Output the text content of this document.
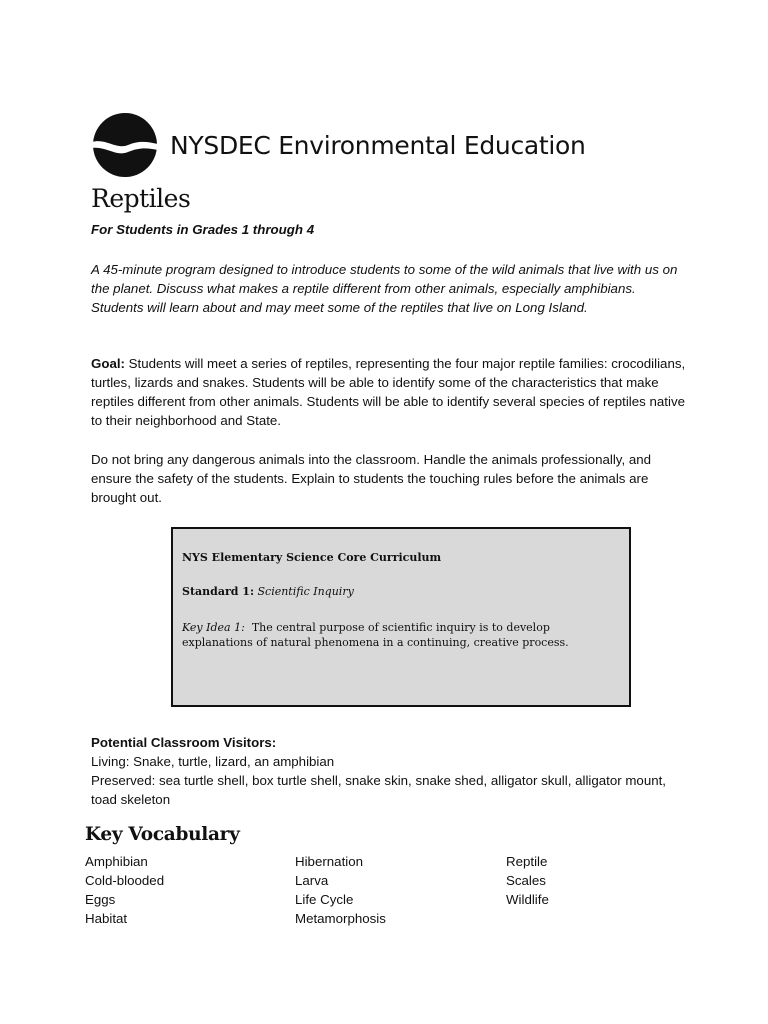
NYSDEC Environmental Education
Reptiles

For Students in Grades 1 through 4

A 45-minute program designed to introduce students to some of the wild animals that live with us on the planet. Discuss what makes a reptile different from other animals, especially amphibians. Students will learn about and may meet some of the reptiles that live on Long Island.

Goal: Students will meet a series of reptiles, representing the four major reptile families: crocodilians, turtles, lizards and snakes. Students will be able to identify some of the characteristics that make reptiles different from other animals. Students will be able to identify several species of reptiles native to their neighborhood and State.

Do not bring any dangerous animals into the classroom. Handle the animals professionally, and ensure the safety of the students. Explain to students the touching rules before the animals are brought out.

NYS Elementary Science Core Curriculum
Standard 1: Scientific Inquiry
Key Idea 1: The central purpose of scientific inquiry is to develop explanations of natural phenomena in a continuing, creative process.
Potential Classroom Visitors:
Living: Snake, turtle, lizard, an amphibian
Preserved: sea turtle shell, box turtle shell, snake skin, snake shed, alligator skull, alligator mount, toad skeleton
Key Vocabulary
Amphibian
Cold-blooded
Eggs
Habitat
Hibernation
Larva
Life Cycle
Metamorphosis
Reptile
Scales
Wildlife
